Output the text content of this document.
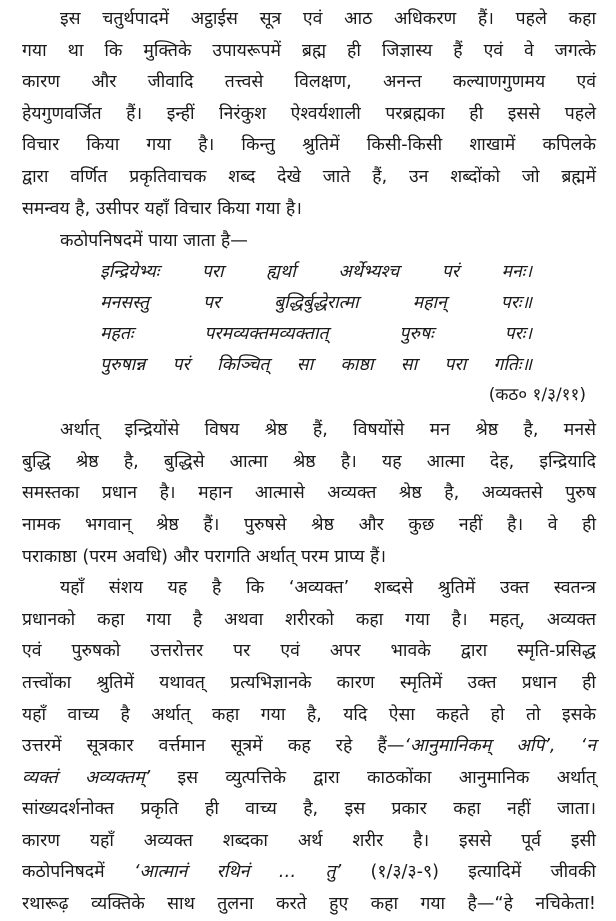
इस चतुर्थपादमें अट्ठाईस सूत्र एवं आठ अधिकरण हैं। पहले कहा
गया था कि मुक्तिके उपायरूपमें ब्रह्म ही जिज्ञास्य हैं एवं वे जगत्के
कारण और जीवादि तत्त्वसे विलक्षण, अनन्त कल्याणगुणमय एवं
हेयगुणवर्जित हैं। इन्हीं निरंकुश ऐश्वर्यशाली परब्रह्मका ही इससे पहले
विचार किया गया है। किन्तु श्रुतिमें किसी-किसी शाखामें कपिलके
द्वारा वर्णित प्रकृतिवाचक शब्द देखे जाते हैं, उन शब्दोंको जो ब्रह्ममें
समन्वय है, उसीपर यहाँ विचार किया गया है।
कठोपनिषदमें पाया जाता है—
इन्द्रियेभ्यः परा ह्यर्था अर्थेभ्यश्च परं मनः।
मनसस्तु पर बुद्धिर्बुद्धेरात्मा महान् परः॥
महतः परमव्यक्तमव्यक्तात् पुरुषः परः।
पुरुषान्न परं किञ्चित् सा काष्ठा सा परा गतिः॥
(कठ० १/३/११)
अर्थात् इन्द्रियोंसे विषय श्रेष्ठ हैं, विषयोंसे मन श्रेष्ठ है, मनसे
बुद्धि श्रेष्ठ है, बुद्धिसे आत्मा श्रेष्ठ है। यह आत्मा देह, इन्द्रियादि
समस्तका प्रधान है। महान आत्मासे अव्यक्त श्रेष्ठ है, अव्यक्तसे पुरुष
नामक भगवान् श्रेष्ठ हैं। पुरुषसे श्रेष्ठ और कुछ नहीं है। वे ही
पराकाष्ठा (परम अवधि) और परागति अर्थात् परम प्राप्य हैं।
यहाँ संशय यह है कि ‘अव्यक्त’ शब्दसे श्रुतिमें उक्त स्वतन्त्र
प्रधानको कहा गया है अथवा शरीरको कहा गया है। महत्, अव्यक्त
एवं पुरुषको उत्तरोत्तर पर एवं अपर भावके द्वारा स्मृति-प्रसिद्ध
तत्त्वोंका श्रुतिमें यथावत् प्रत्यभिज्ञानके कारण स्मृतिमें उक्त प्रधान ही
यहाँ वाच्य है अर्थात् कहा गया है, यदि ऐसा कहते हो तो इसके
उत्तरमें सूत्रकार वर्त्तमान सूत्रमें कह रहे हैं—‘आनुमानिकम् अपि’, ‘न
व्यक्तं अव्यक्तम्’ इस व्युत्पत्तिके द्वारा काठकोंका आनुमानिक अर्थात्
सांख्यदर्शनोक्त प्रकृति ही वाच्य है, इस प्रकार कहा नहीं जाता।
कारण यहाँ अव्यक्त शब्दका अर्थ शरीर है। इससे पूर्व इसी
कठोपनिषदमें ‘आत्मानं रथिनं … तु’ (१/३/३-९) इत्यादिमें जीवकी
रथारूढ़ व्यक्तिके साथ तुलना करते हुए कहा गया है—“हे नचिकेता!
